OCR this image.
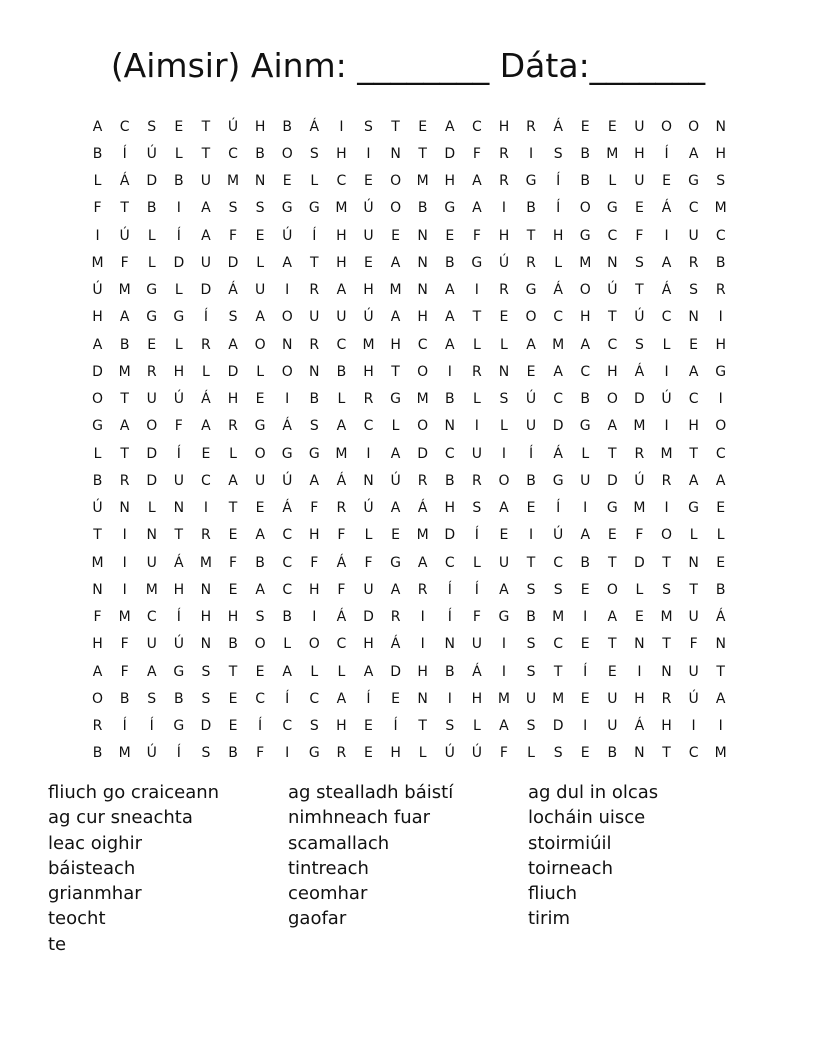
(Aimsir) Ainm: ________ Dáta:_______
A	C	S	E	T	Ú	H	B	Á	I	S	T	E	A	C	H	R	Á	E	E	U	O	O	N
B	Í	Ú	L	T	C	B	O	S	H	I	N	T	D	F	R	I	S	B	M	H	Í	A	H
L	Á	D	B	U	M	N	E	L	C	E	O	M	H	A	R	G	Í	B	L	U	E	G	S
F	T	B	I	A	S	S	G	G	M	Ú	O	B	G	A	I	B	Í	O	G	E	Á	C	M
I	Ú	L	Í	A	F	E	Ú	Í	H	U	E	N	E	F	H	T	H	G	C	F	I	U	C
M	F	L	D	U	D	L	A	T	H	E	A	N	B	G	Ú	R	L	M	N	S	A	R	B
Ú	M	G	L	D	Á	U	I	R	A	H	M	N	A	I	R	G	Á	O	Ú	T	Á	S	R
H	A	G	G	Í	S	A	O	U	U	Ú	A	H	A	T	E	O	C	H	T	Ú	C	N	I
A	B	E	L	R	A	O	N	R	C	M	H	C	A	L	L	A	M	A	C	S	L	E	H
D	M	R	H	L	D	L	O	N	B	H	T	O	I	R	N	E	A	C	H	Á	I	A	G
O	T	U	Ú	Á	H	E	I	B	L	R	G	M	B	L	S	Ú	C	B	O	D	Ú	C	I
G	A	O	F	A	R	G	Á	S	A	C	L	O	N	I	L	U	D	G	A	M	I	H	O
L	T	D	Í	E	L	O	G	G	M	I	A	D	C	U	I	Í	Á	L	T	R	M	T	C
B	R	D	U	C	A	U	Ú	A	Á	N	Ú	R	B	R	O	B	G	U	D	Ú	R	A	A
Ú	N	L	N	I	T	E	Á	F	R	Ú	A	Á	H	S	A	E	Í	I	G	M	I	G	E
T	I	N	T	R	E	A	C	H	F	L	E	M	D	Í	E	I	Ú	A	E	F	O	L	L
M	I	U	Á	M	F	B	C	F	Á	F	G	A	C	L	U	T	C	B	T	D	T	N	E
N	I	M	H	N	E	A	C	H	F	U	A	R	Í	Í	A	S	S	E	O	L	S	T	B
F	M	C	Í	H	H	S	B	I	Á	D	R	I	Í	F	G	B	M	I	A	E	M	U	Á
H	F	U	Ú	N	B	O	L	O	C	H	Á	I	N	U	I	S	C	E	T	N	T	F	N
A	F	A	G	S	T	E	A	L	L	A	D	H	B	Á	I	S	T	Í	E	I	N	U	T
O	B	S	B	S	E	C	Í	C	A	Í	E	N	I	H	M	U	M	E	U	H	R	Ú	A
R	Í	Í	G	D	E	Í	C	S	H	E	Í	T	S	L	A	S	D	I	U	Á	H	I	I
B	M	Ú	Í	S	B	F	I	G	R	E	H	L	Ú	Ú	F	L	S	E	B	N	T	C	M
fliuch go craiceann	ag stealladh báistí	ag dul in olcas
ag cur sneachta	nimhneach fuar	locháin uisce
leac oighir	scamallach	stoirmiúil
báisteach	tintreach	toirneach
grianmhar	ceomhar	fliuch
teocht	gaofar	tirim
te
